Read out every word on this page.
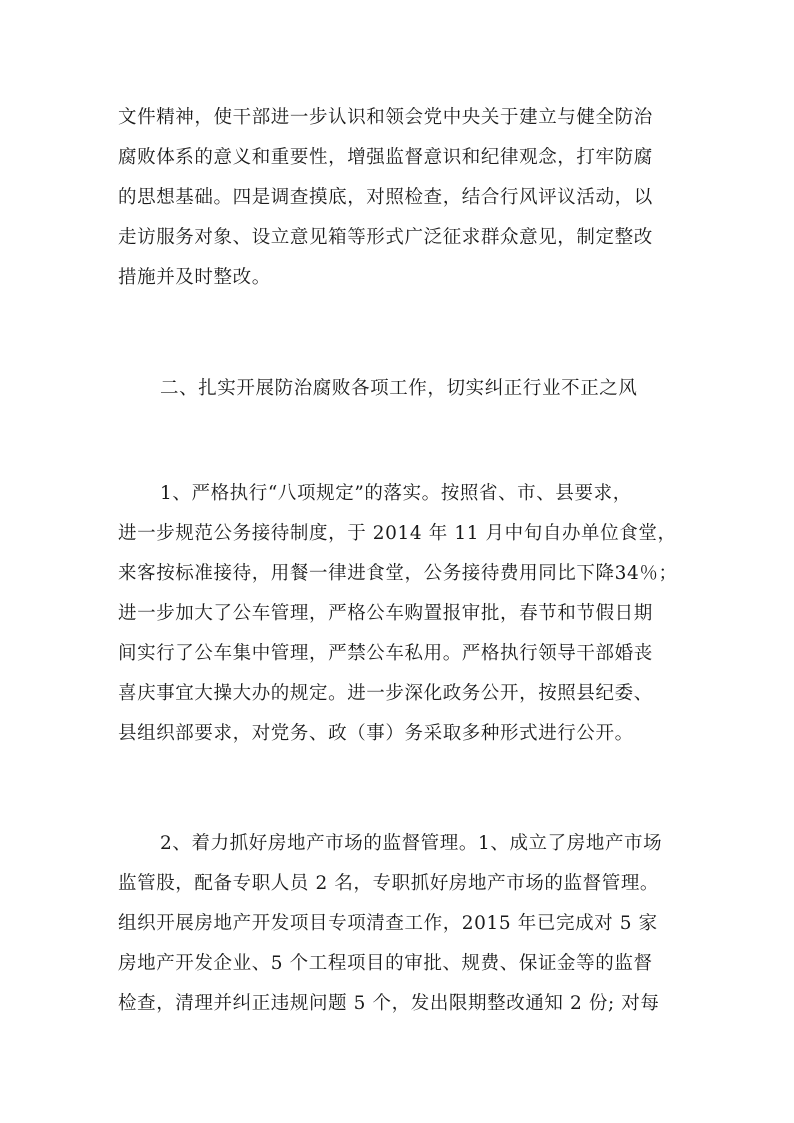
文件精神，使干部进一步认识和领会党中央关于建立与健全防治
腐败体系的意义和重要性，增强监督意识和纪律观念，打牢防腐
的思想基础。四是调查摸底，对照检查，结合行风评议活动，以
走访服务对象、设立意见箱等形式广泛征求群众意见，制定整改
措施并及时整改。
二、扎实开展防治腐败各项工作，切实纠正行业不正之风
1、严格执行“八项规定”的落实。按照省、市、县要求，
进一步规范公务接待制度，于 2014 年 11 月中旬自办单位食堂，
来客按标准接待，用餐一律进食堂，公务接待费用同比下降34％；
进一步加大了公车管理，严格公车购置报审批，春节和节假日期
间实行了公车集中管理，严禁公车私用。严格执行领导干部婚丧
喜庆事宜大操大办的规定。进一步深化政务公开，按照县纪委、
县组织部要求，对党务、政（事）务采取多种形式进行公开。
2、着力抓好房地产市场的监督管理。1、成立了房地产市场
监管股，配备专职人员 2 名，专职抓好房地产市场的监督管理。
组织开展房地产开发项目专项清查工作，2015 年已完成对 5 家
房地产开发企业、5 个工程项目的审批、规费、保证金等的监督
检查，清理并纠正违规问题 5 个，发出限期整改通知 2 份; 对每
